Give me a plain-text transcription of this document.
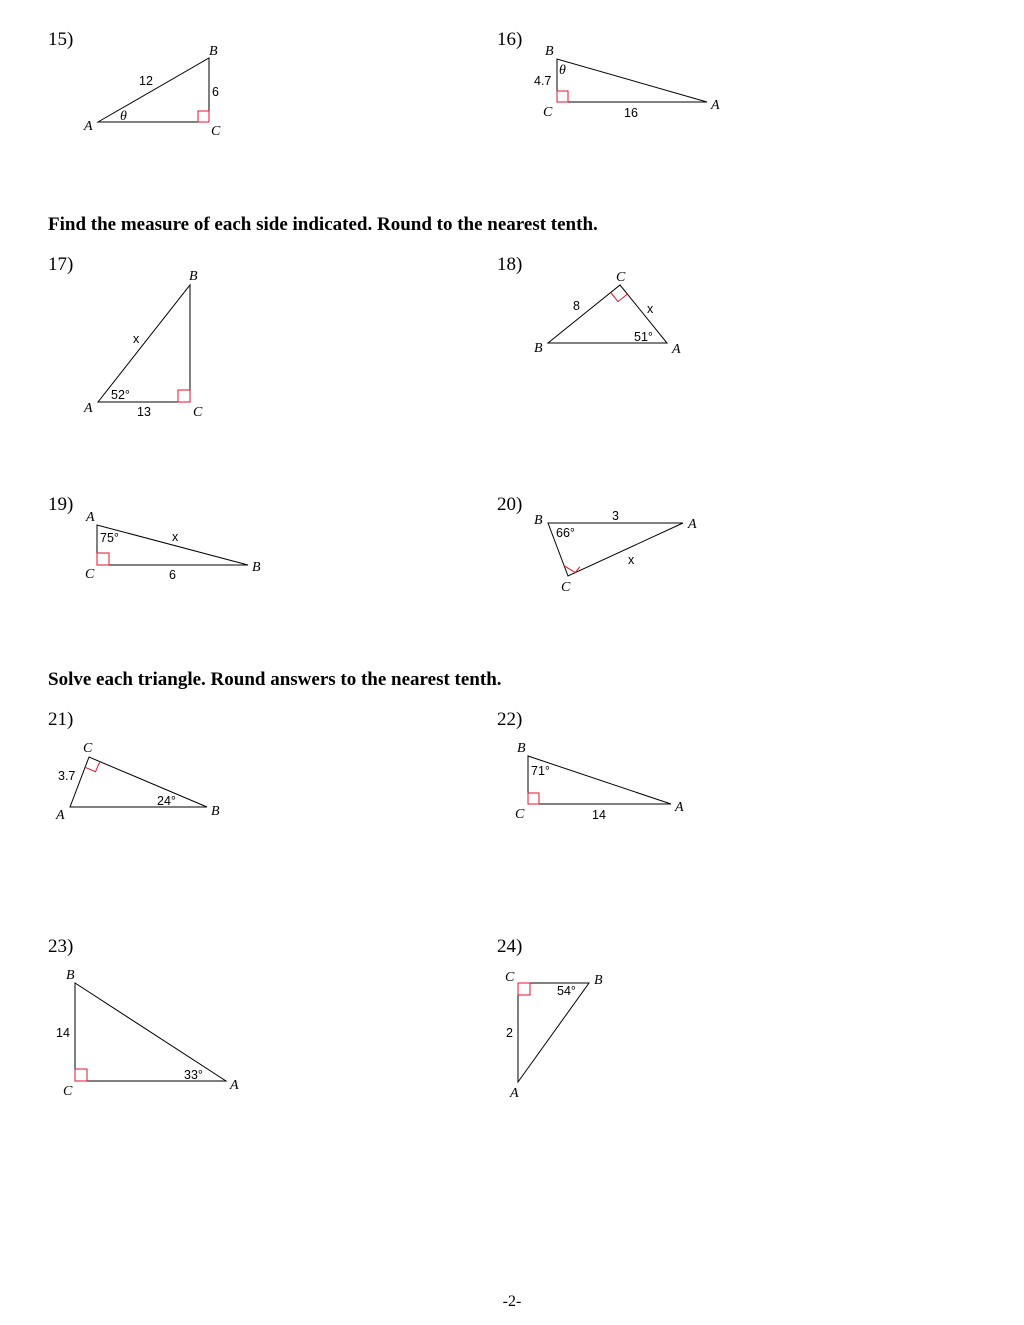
15)	16)
Find the measure of each side indicated. Round to the nearest tenth.
17)	18)
19)	20)
Solve each triangle. Round answers to the nearest tenth.
21)	22)
23)	24)
A
B
C
12
6
θ
B
C	A
4.7
16
θ
A
B
C
x
13
52°
C
B	A
8	x
51°
A
C	B
x
6
75°
B	A
C
3
x
66°
C
A	B
3.7
24°
B
C	A
14
71°
B
C	A
14
33°
C	B
A
2
54°
-2-
